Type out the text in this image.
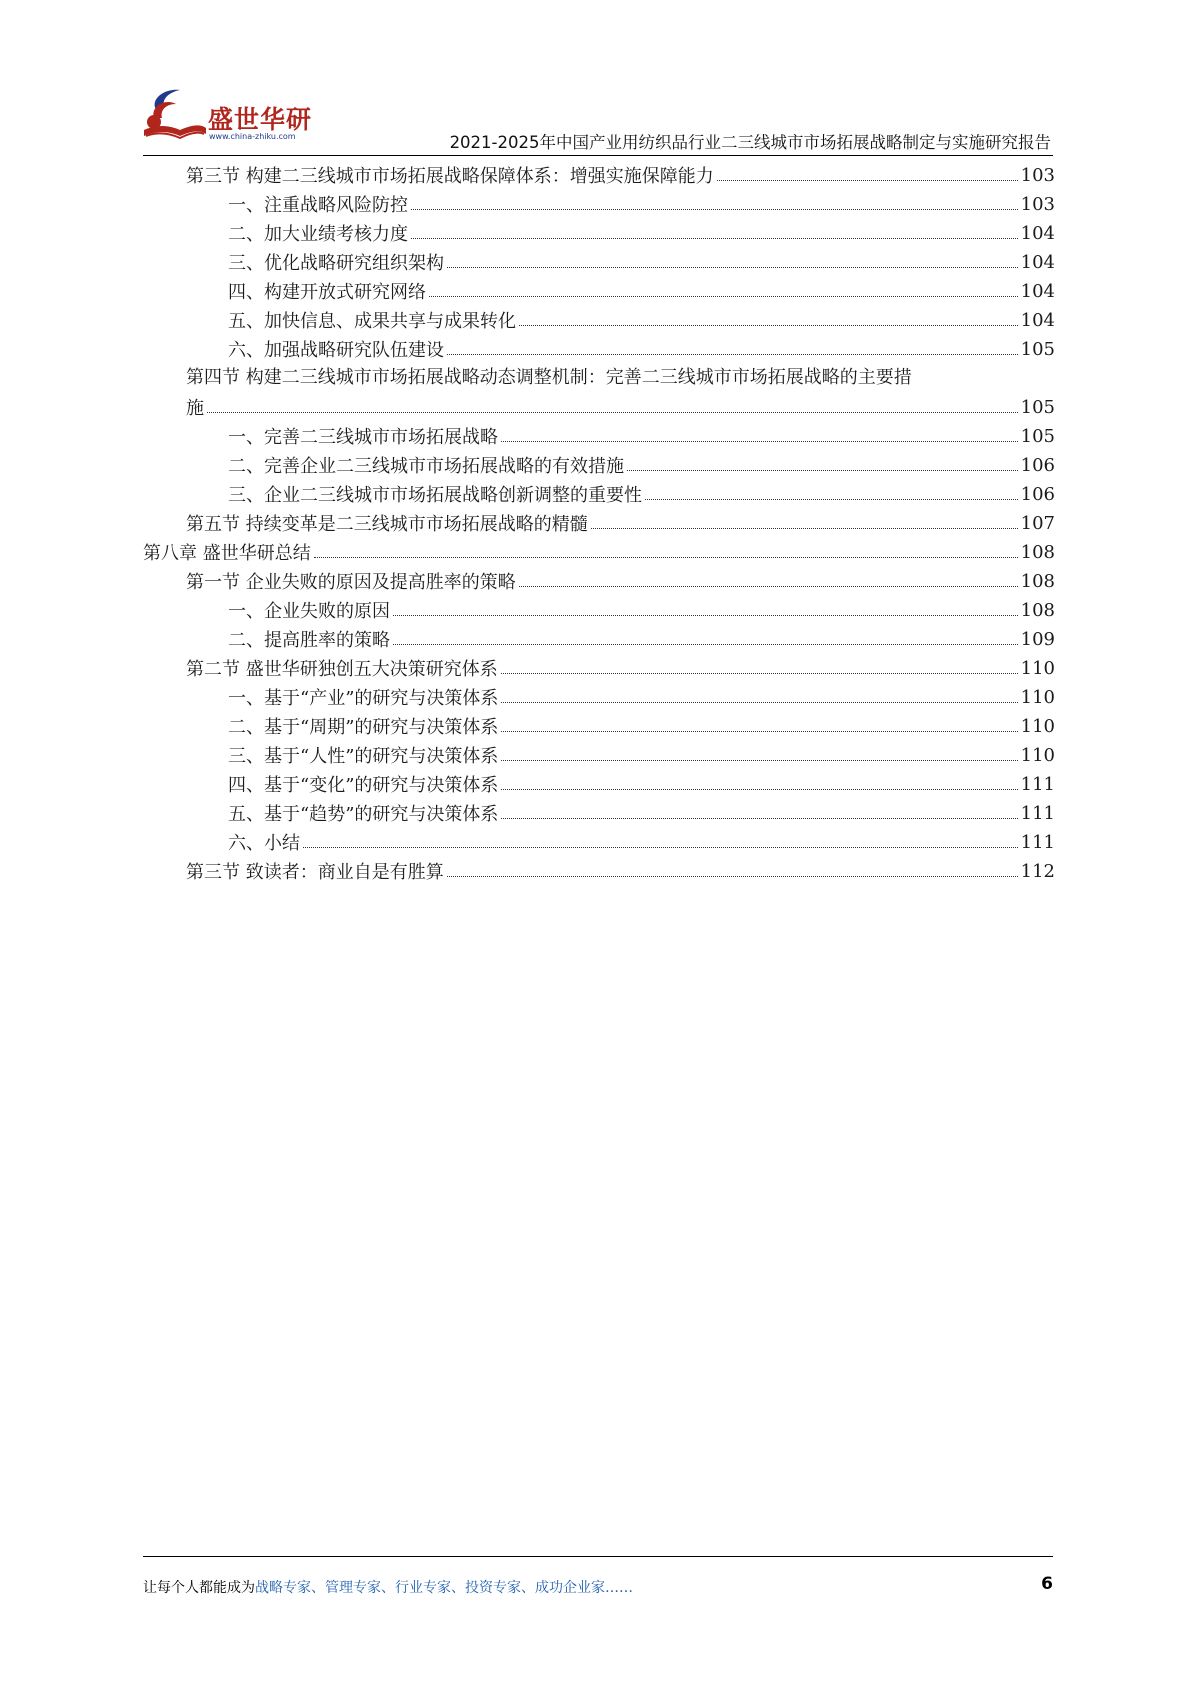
盛世华研
www.china-zhiku.com	2021-2025年中国产业用纺织品行业二三线城市市场拓展战略制定与实施研究报告
第三节 构建二三线城市市场拓展战略保障体系：增强实施保障能力	103
一、注重战略风险防控	103
二、加大业绩考核力度	104
三、优化战略研究组织架构	104
四、构建开放式研究网络	104
五、加快信息、成果共享与成果转化	104
六、加强战略研究队伍建设	105
第四节 构建二三线城市市场拓展战略动态调整机制：完善二三线城市市场拓展战略的主要措
施	105
一、完善二三线城市市场拓展战略	105
二、完善企业二三线城市市场拓展战略的有效措施	106
三、企业二三线城市市场拓展战略创新调整的重要性	106
第五节 持续变革是二三线城市市场拓展战略的精髓	107
第八章 盛世华研总结	108
第一节 企业失败的原因及提高胜率的策略	108
一、企业失败的原因	108
二、提高胜率的策略	109
第二节 盛世华研独创五大决策研究体系	110
一、基于“产业”的研究与决策体系	110
二、基于“周期”的研究与决策体系	110
三、基于“人性”的研究与决策体系	110
四、基于“变化”的研究与决策体系	111
五、基于“趋势”的研究与决策体系	111
六、小结	111
第三节 致读者：商业自是有胜算	112
让每个人都能成为战略专家、管理专家、行业专家、投资专家、成功企业家……	6
